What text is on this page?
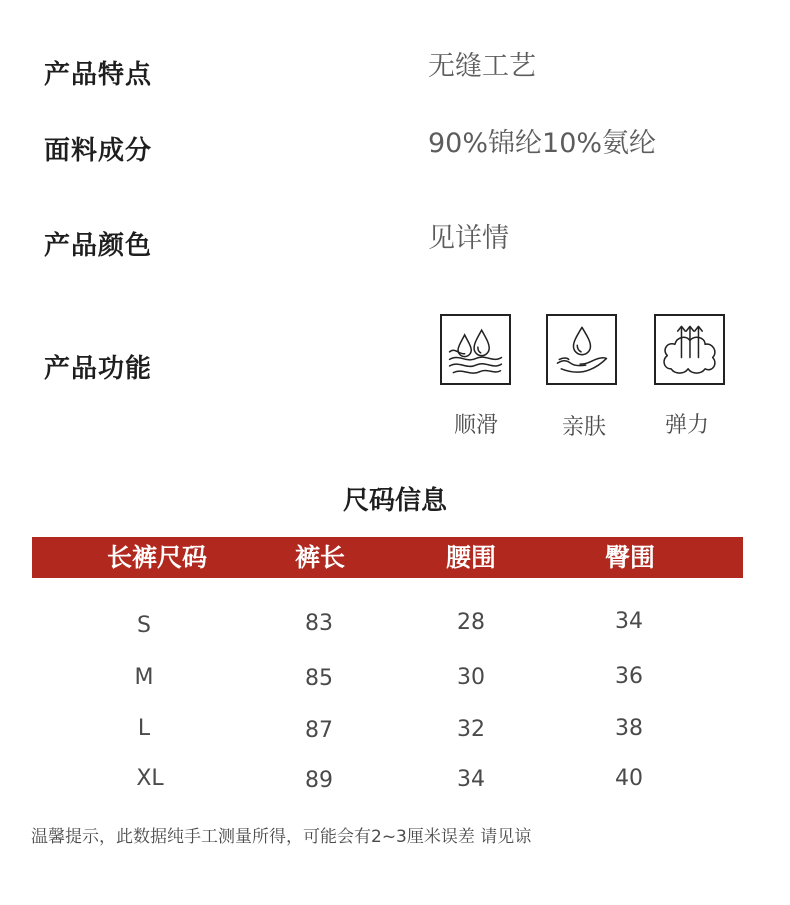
产品特点	无缝工艺
面料成分	90%锦纶10%氨纶
产品颜色	见详情
产品功能
顺滑	亲肤	弹力
尺码信息
长裤尺码	裤长	腰围	臀围
S	83	28	34
M	85	30	36
L	87	32	38
XL	89	34	40
温馨提示，此数据纯手工测量所得，可能会有2~3厘米误差 请见谅
